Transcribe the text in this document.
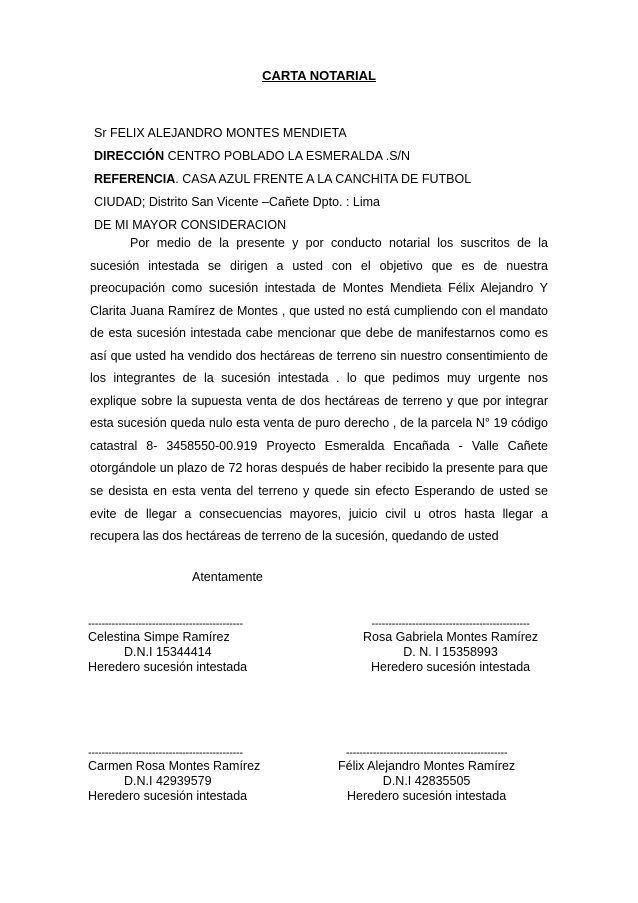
CARTA NOTARIAL
Sr FELIX ALEJANDRO MONTES MENDIETA
DIRECCIÓN CENTRO POBLADO LA ESMERALDA .S/N
REFERENCIA. CASA AZUL FRENTE A LA CANCHITA DE FUTBOL
CIUDAD; Distrito San Vicente –Cañete Dpto. : Lima
DE MI MAYOR CONSIDERACION

Por medio de la presente y por conducto notarial los suscritos de la sucesión intestada se dirigen a usted con el objetivo que es de nuestra preocupación como sucesión intestada de Montes Mendieta Félix Alejandro Y Clarita Juana Ramírez de Montes , que usted no está cumpliendo con el mandato de esta sucesión intestada cabe mencionar que debe de manifestarnos como es así que usted ha vendido dos hectáreas de terreno sin nuestro consentimiento de los integrantes de la sucesión intestada . lo que pedimos muy urgente nos explique sobre la supuesta venta de dos hectáreas de terreno y que por integrar esta sucesión queda nulo esta venta de puro derecho , de la parcela N° 19 código catastral 8- 3458550-00.919 Proyecto Esmeralda Encañada - Valle Cañete otorgándole un plazo de 72 horas después de haber recibido la presente para que se desista en esta venta del terreno y quede sin efecto Esperando de usted se evite de llegar a consecuencias mayores, juicio civil u otros hasta llegar a recupera las dos hectáreas de terreno de la sucesión, quedando de usted

Atentamente
----------------------------------------------
Celestina Simpe Ramírez
D.N.I 15344414
Heredero sucesión intestada
-----------------------------------------------
Rosa Gabriela Montes Ramírez
D. N. I 15358993
Heredero sucesión intestada
----------------------------------------------
Carmen Rosa Montes Ramírez
D.N.I 42939579
Heredero sucesión intestada
------------------------------------------------
Félix Alejandro Montes Ramírez
D.N.I 42835505
Heredero sucesión intestada
